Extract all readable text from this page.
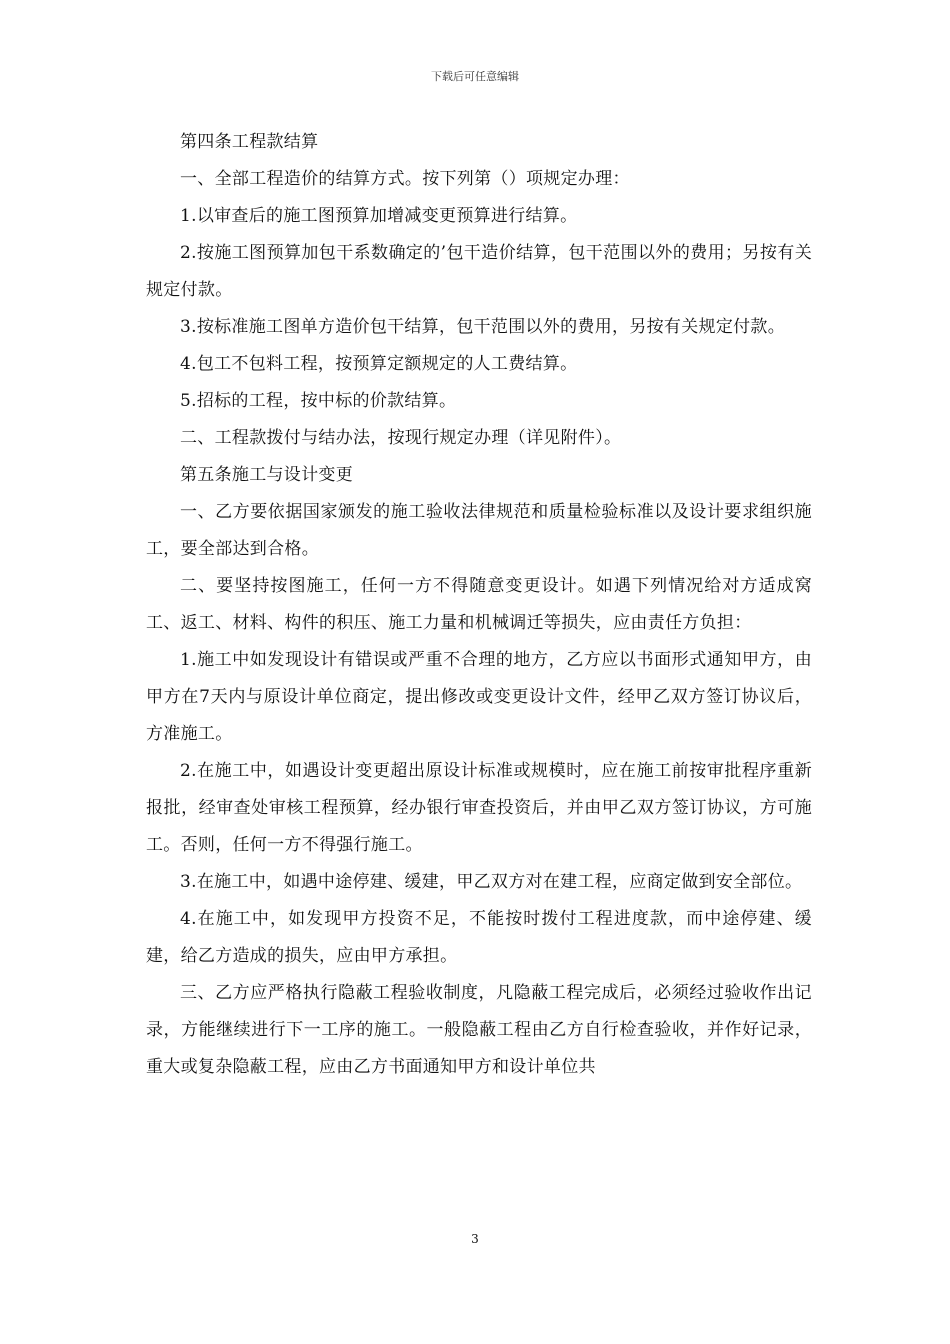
下载后可任意编辑

第四条工程款结算

一、全部工程造价的结算方式。按下列第（）项规定办理：

1.以审查后的施工图预算加增减变更预算进行结算。

2.按施工图预算加包干系数确定的’包干造价结算，包干范围以外的费用；另按有关规定付款。

3.按标准施工图单方造价包干结算，包干范围以外的费用，另按有关规定付款。

4.包工不包料工程，按预算定额规定的人工费结算。

5.招标的工程，按中标的价款结算。

二、工程款拨付与结办法，按现行规定办理（详见附件）。

第五条施工与设计变更

一、乙方要依据国家颁发的施工验收法律规范和质量检验标准以及设计要求组织施工，要全部达到合格。

二、要坚持按图施工，任何一方不得随意变更设计。如遇下列情况给对方适成窝工、返工、材料、构件的积压、施工力量和机械调迁等损失，应由责任方负担：

1.施工中如发现设计有错误或严重不合理的地方，乙方应以书面形式通知甲方，由甲方在7天内与原设计单位商定，提出修改或变更设计文件，经甲乙双方签订协议后，方准施工。

2.在施工中，如遇设计变更超出原设计标准或规模时，应在施工前按审批程序重新报批，经审查处审核工程预算，经办银行审查投资后，并由甲乙双方签订协议，方可施工。否则，任何一方不得强行施工。

3.在施工中，如遇中途停建、缓建，甲乙双方对在建工程，应商定做到安全部位。

4.在施工中，如发现甲方投资不足，不能按时拨付工程进度款，而中途停建、缓建，给乙方造成的损失，应由甲方承担。

三、乙方应严格执行隐蔽工程验收制度，凡隐蔽工程完成后，必须经过验收作出记录，方能继续进行下一工序的施工。一般隐蔽工程由乙方自行检查验收，并作好记录，重大或复杂隐蔽工程，应由乙方书面通知甲方和设计单位共

3
